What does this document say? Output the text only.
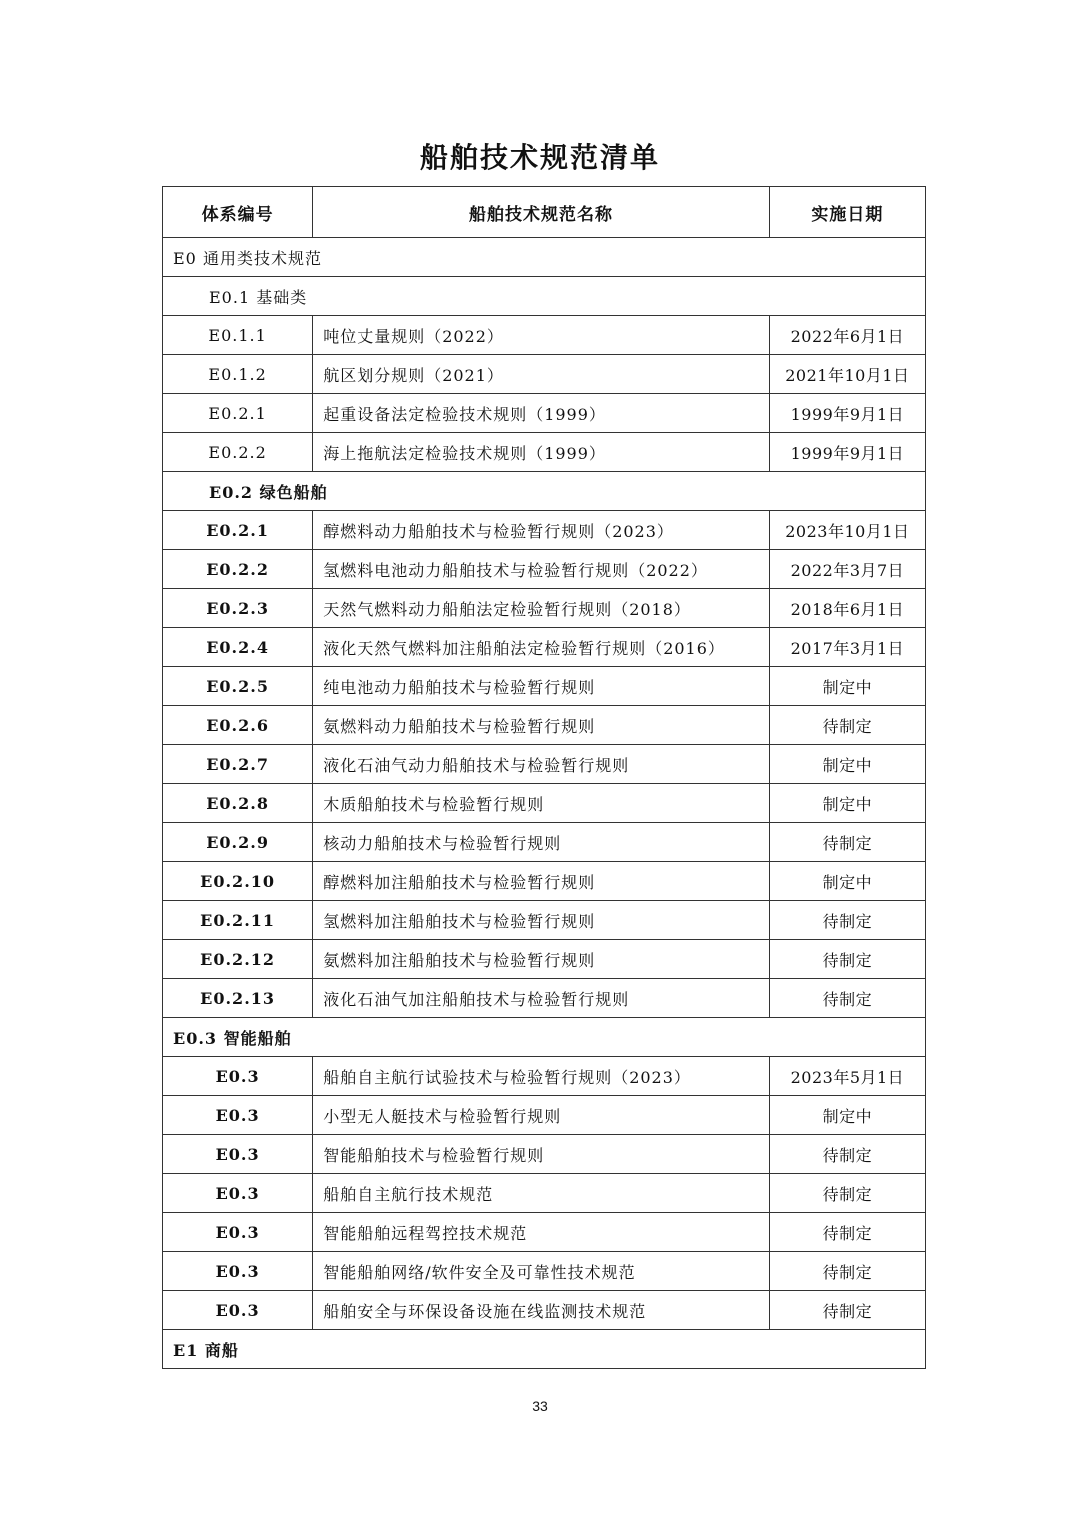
船舶技术规范清单
体系编号	船舶技术规范名称	实施日期
E0 通用类技术规范		
E0.1 基础类		
E0.1.1	吨位丈量规则（2022）	2022年6月1日
E0.1.2	航区划分规则（2021）	2021年10月1日
E0.2.1	起重设备法定检验技术规则（1999）	1999年9月1日
E0.2.2	海上拖航法定检验技术规则（1999）	1999年9月1日
E0.2 绿色船舶		
E0.2.1	醇燃料动力船舶技术与检验暂行规则（2023）	2023年10月1日
E0.2.2	氢燃料电池动力船舶技术与检验暂行规则（2022）	2022年3月7日
E0.2.3	天然气燃料动力船舶法定检验暂行规则（2018）	2018年6月1日
E0.2.4	液化天然气燃料加注船舶法定检验暂行规则（2016）	2017年3月1日
E0.2.5	纯电池动力船舶技术与检验暂行规则	制定中
E0.2.6	氨燃料动力船舶技术与检验暂行规则	待制定
E0.2.7	液化石油气动力船舶技术与检验暂行规则	制定中
E0.2.8	木质船舶技术与检验暂行规则	制定中
E0.2.9	核动力船舶技术与检验暂行规则	待制定
E0.2.10	醇燃料加注船舶技术与检验暂行规则	制定中
E0.2.11	氢燃料加注船舶技术与检验暂行规则	待制定
E0.2.12	氨燃料加注船舶技术与检验暂行规则	待制定
E0.2.13	液化石油气加注船舶技术与检验暂行规则	待制定
E0.3 智能船舶		
E0.3	船舶自主航行试验技术与检验暂行规则（2023）	2023年5月1日
E0.3	小型无人艇技术与检验暂行规则	制定中
E0.3	智能船舶技术与检验暂行规则	待制定
E0.3	船舶自主航行技术规范	待制定
E0.3	智能船舶远程驾控技术规范	待制定
E0.3	智能船舶网络/软件安全及可靠性技术规范	待制定
E0.3	船舶安全与环保设备设施在线监测技术规范	待制定
E1 商船		
33
